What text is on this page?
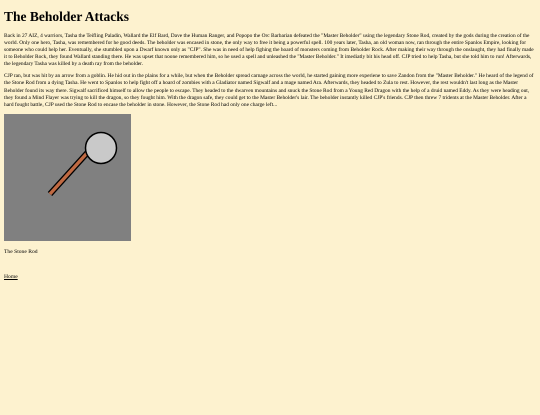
The Beholder Attacks

Back in 27 AIZ, 4 warriors, Tasha the Teifling Paladin, Wallard the Elf Bard, Dave the Human Ranger, and Popopo the Orc Barbarian defeated the "Master Beholder" using the legendary Stone Rod, created by the gods during the creation of the world. Only one hero, Tasha, was remembered for he good deeds. The beholder was encased in stone, the only way to free it being a powerful spell. 100 years later, Tasha, an old woman now, ran through the entire Spanlos Empire, looking for someone who could help her. Eventually, she stumbled upon a Dwarf known only as "CJP". She was in need of help fighing the hoard of monsters coming from Beholder Rock. After making their way through the onslaught, they had finally made it to Beholder Rock, they found Wallard standing there. He was upset that noone remembered him, so he used a spell and unleashed the "Master Beholder." It imediatly bit his head off. CJP tried to help Tasha, but she told him to run! Afterwards, the legendary Tasha was killed by a death ray from the beholder.

CJP ran, but was hit by an arrow from a goblin. He hid out in the plains for a while, but when the Beholder spread carnage across the world, he started gaining more experiene to save Zandon from the "Master Beholder." He heard of the legend of the Stone Rod from a dying Tasha. He went to Spanlos to help fight off a hoard of zombies with a Gladiator named Sigwalf and a mage named Ara. Afterwards, they headed to Zula to rest. However, the rest wouldn't last long as the Master Beholder found its way there. Sigwalf sacrificed himself to allow the people to escape. They headed to the dwarven mountains and snuck the Stone Rod from a Young Red Dragon with the help of a druid named Eddy. As they were heading out, they found a Mind Flayer was trying to kill the dragon, so they fought him. With the dragon safe, they could get to the Master Beholder's lair. The beholder instantly killed CJP's friends. CJP then threw 7 tridents at the Master Beholder. After a hard fought battle, CJP used the Stone Rod to encase the beholder in stone. However, the Stone Rod had only one charge left...

The Stone Rod
Home
